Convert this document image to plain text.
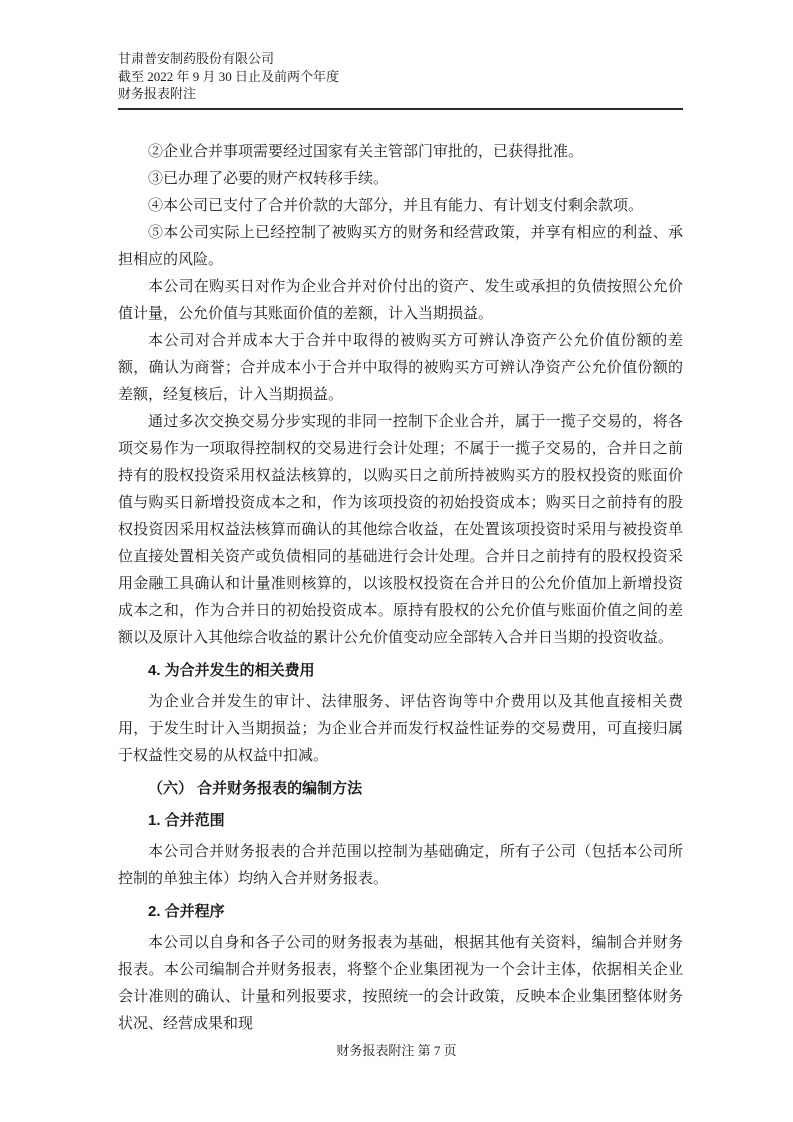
甘肃普安制药股份有限公司
截至 2022 年 9 月 30 日止及前两个年度
财务报表附注

②企业合并事项需要经过国家有关主管部门审批的，已获得批准。

③已办理了必要的财产权转移手续。

④本公司已支付了合并价款的大部分，并且有能力、有计划支付剩余款项。

⑤本公司实际上已经控制了被购买方的财务和经营政策，并享有相应的利益、承担相应的风险。

本公司在购买日对作为企业合并对价付出的资产、发生或承担的负债按照公允价值计量，公允价值与其账面价值的差额，计入当期损益。

本公司对合并成本大于合并中取得的被购买方可辨认净资产公允价值份额的差额，确认为商誉；合并成本小于合并中取得的被购买方可辨认净资产公允价值份额的差额，经复核后，计入当期损益。

通过多次交换交易分步实现的非同一控制下企业合并，属于一揽子交易的，将各项交易作为一项取得控制权的交易进行会计处理；不属于一揽子交易的，合并日之前持有的股权投资采用权益法核算的，以购买日之前所持被购买方的股权投资的账面价值与购买日新增投资成本之和，作为该项投资的初始投资成本；购买日之前持有的股权投资因采用权益法核算而确认的其他综合收益，在处置该项投资时采用与被投资单位直接处置相关资产或负债相同的基础进行会计处理。合并日之前持有的股权投资采用金融工具确认和计量准则核算的，以该股权投资在合并日的公允价值加上新增投资成本之和，作为合并日的初始投资成本。原持有股权的公允价值与账面价值之间的差额以及原计入其他综合收益的累计公允价值变动应全部转入合并日当期的投资收益。

4. 为合并发生的相关费用

为企业合并发生的审计、法律服务、评估咨询等中介费用以及其他直接相关费用，于发生时计入当期损益；为企业合并而发行权益性证券的交易费用，可直接归属于权益性交易的从权益中扣减。

（六） 合并财务报表的编制方法

1. 合并范围

本公司合并财务报表的合并范围以控制为基础确定，所有子公司（包括本公司所控制的单独主体）均纳入合并财务报表。

2. 合并程序

本公司以自身和各子公司的财务报表为基础，根据其他有关资料，编制合并财务报表。本公司编制合并财务报表，将整个企业集团视为一个会计主体，依据相关企业会计准则的确认、计量和列报要求，按照统一的会计政策，反映本企业集团整体财务状况、经营成果和现

财务报表附注 第 7 页
